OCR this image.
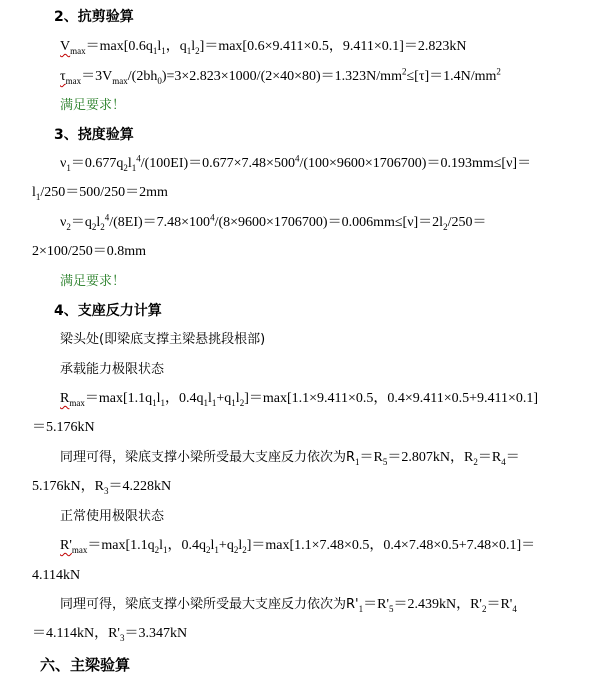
2、抗剪验算
$V_{max}=\max[0.6q_1l_1$，$q_1l_2]=\max[0.6\times 9.411\times 0.5$，9.411×0.1]＝2.823kN
$\tau_{max}=3V_{max}/(2bh_0)=3\times 2.823\times 1000/(2\times 40\times 80)=1.323N/mm^2\le[\tau]=1.4N/mm^2$
满足要求！
3、挠度验算
$\nu_1=0.677q_2l_1^4/(100EI)=0.677\times 7.48\times 500^4/(100\times 9600\times 1706700)=0.193mm\le[\nu]=$
$l_1/250=500/250=2mm$
$\nu_2=q_2l_2^4/(8EI)=7.48\times 100^4/(8\times 9600\times 1706700)=0.006mm\le[\nu]=2l_2/250=$
2×100/250＝0.8mm
满足要求！
4、支座反力计算
梁头处(即梁底支撑主梁悬挑段根部)
承载能力极限状态
$R_{max}=\max[1.1q_1l_1$，$0.4q_1l_1+q_1l_2]=\max[1.1\times 9.411\times 0.5$，0.4×9.411×0.5+9.411×0.1]
＝5.176kN
同理可得，梁底支撑小梁所受最大支座反力依次为$R_1=R_5=2.807kN$，$R_2=R_4=$
5.176kN，$R_3=4.228kN$
正常使用极限状态
$R'_{max}=\max[1.1q_2l_1$，$0.4q_2l_1+q_2l_2]=\max[1.1\times 7.48\times 0.5$，0.4×7.48×0.5+7.48×0.1]＝
4.114kN
同理可得，梁底支撑小梁所受最大支座反力依次为$R'_1=R'_5=2.439kN$，$R'_2=R'_4$
＝4.114kN，$R'_3=3.347kN$
六、主梁验算
